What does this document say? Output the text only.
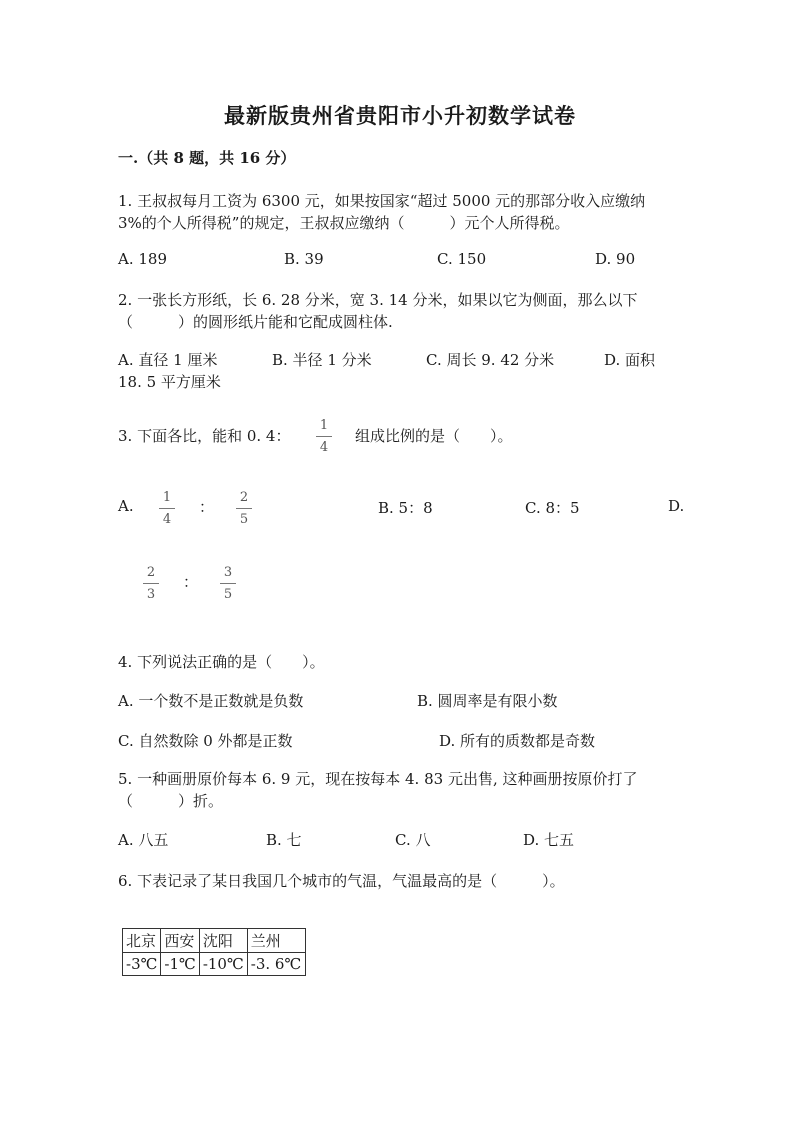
最新版贵州省贵阳市小升初数学试卷
一.（共 8 题，共 16 分）
1. 王叔叔每月工资为 6300 元，如果按国家“超过 5000 元的那部分收入应缴纳
3%的个人所得税”的规定，王叔叔应缴纳（　　　）元个人所得税。
A. 189	B. 39	C. 150	D. 90
2. 一张长方形纸，长 6. 28 分米，宽 3. 14 分米，如果以它为侧面，那么以下
（　　　）的圆形纸片能和它配成圆柱体.
A. 直径 1 厘米	B. 半径 1 分米	C. 周长 9. 42 分米	D. 面积
18. 5 平方厘米
3. 下面各比，能和 0. 4：
1
4
组成比例的是（　　）。
A.	1
4
：
2
5
B. 5：8	C. 8：5	D.
2
3
：
3
5
4. 下列说法正确的是（　　）。
A. 一个数不是正数就是负数	B. 圆周率是有限小数
C. 自然数除 0 外都是正数	D. 所有的质数都是奇数
5. 一种画册原价每本 6. 9 元，现在按每本 4. 83 元出售, 这种画册按原价打了
（　　　）折。
A. 八五	B. 七	C. 八	D. 七五
6. 下表记录了某日我国几个城市的气温，气温最高的是（　　　）。
北京	西安	沈阳	兰州
-3℃	-1℃	-10℃	-3. 6℃
